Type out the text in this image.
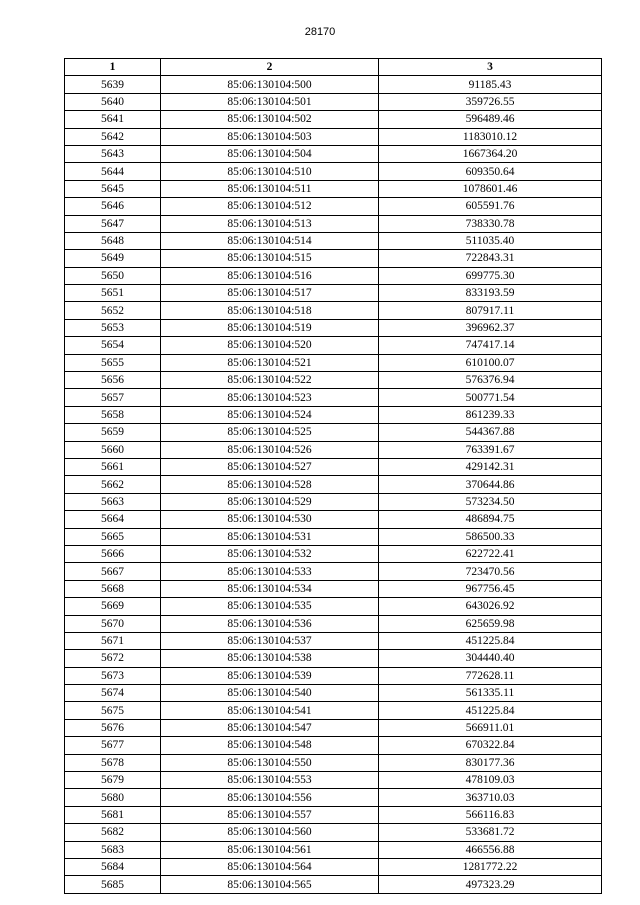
28170
1	2	3
5639	85:06:130104:500	91185.43
5640	85:06:130104:501	359726.55
5641	85:06:130104:502	596489.46
5642	85:06:130104:503	1183010.12
5643	85:06:130104:504	1667364.20
5644	85:06:130104:510	609350.64
5645	85:06:130104:511	1078601.46
5646	85:06:130104:512	605591.76
5647	85:06:130104:513	738330.78
5648	85:06:130104:514	511035.40
5649	85:06:130104:515	722843.31
5650	85:06:130104:516	699775.30
5651	85:06:130104:517	833193.59
5652	85:06:130104:518	807917.11
5653	85:06:130104:519	396962.37
5654	85:06:130104:520	747417.14
5655	85:06:130104:521	610100.07
5656	85:06:130104:522	576376.94
5657	85:06:130104:523	500771.54
5658	85:06:130104:524	861239.33
5659	85:06:130104:525	544367.88
5660	85:06:130104:526	763391.67
5661	85:06:130104:527	429142.31
5662	85:06:130104:528	370644.86
5663	85:06:130104:529	573234.50
5664	85:06:130104:530	486894.75
5665	85:06:130104:531	586500.33
5666	85:06:130104:532	622722.41
5667	85:06:130104:533	723470.56
5668	85:06:130104:534	967756.45
5669	85:06:130104:535	643026.92
5670	85:06:130104:536	625659.98
5671	85:06:130104:537	451225.84
5672	85:06:130104:538	304440.40
5673	85:06:130104:539	772628.11
5674	85:06:130104:540	561335.11
5675	85:06:130104:541	451225.84
5676	85:06:130104:547	566911.01
5677	85:06:130104:548	670322.84
5678	85:06:130104:550	830177.36
5679	85:06:130104:553	478109.03
5680	85:06:130104:556	363710.03
5681	85:06:130104:557	566116.83
5682	85:06:130104:560	533681.72
5683	85:06:130104:561	466556.88
5684	85:06:130104:564	1281772.22
5685	85:06:130104:565	497323.29
